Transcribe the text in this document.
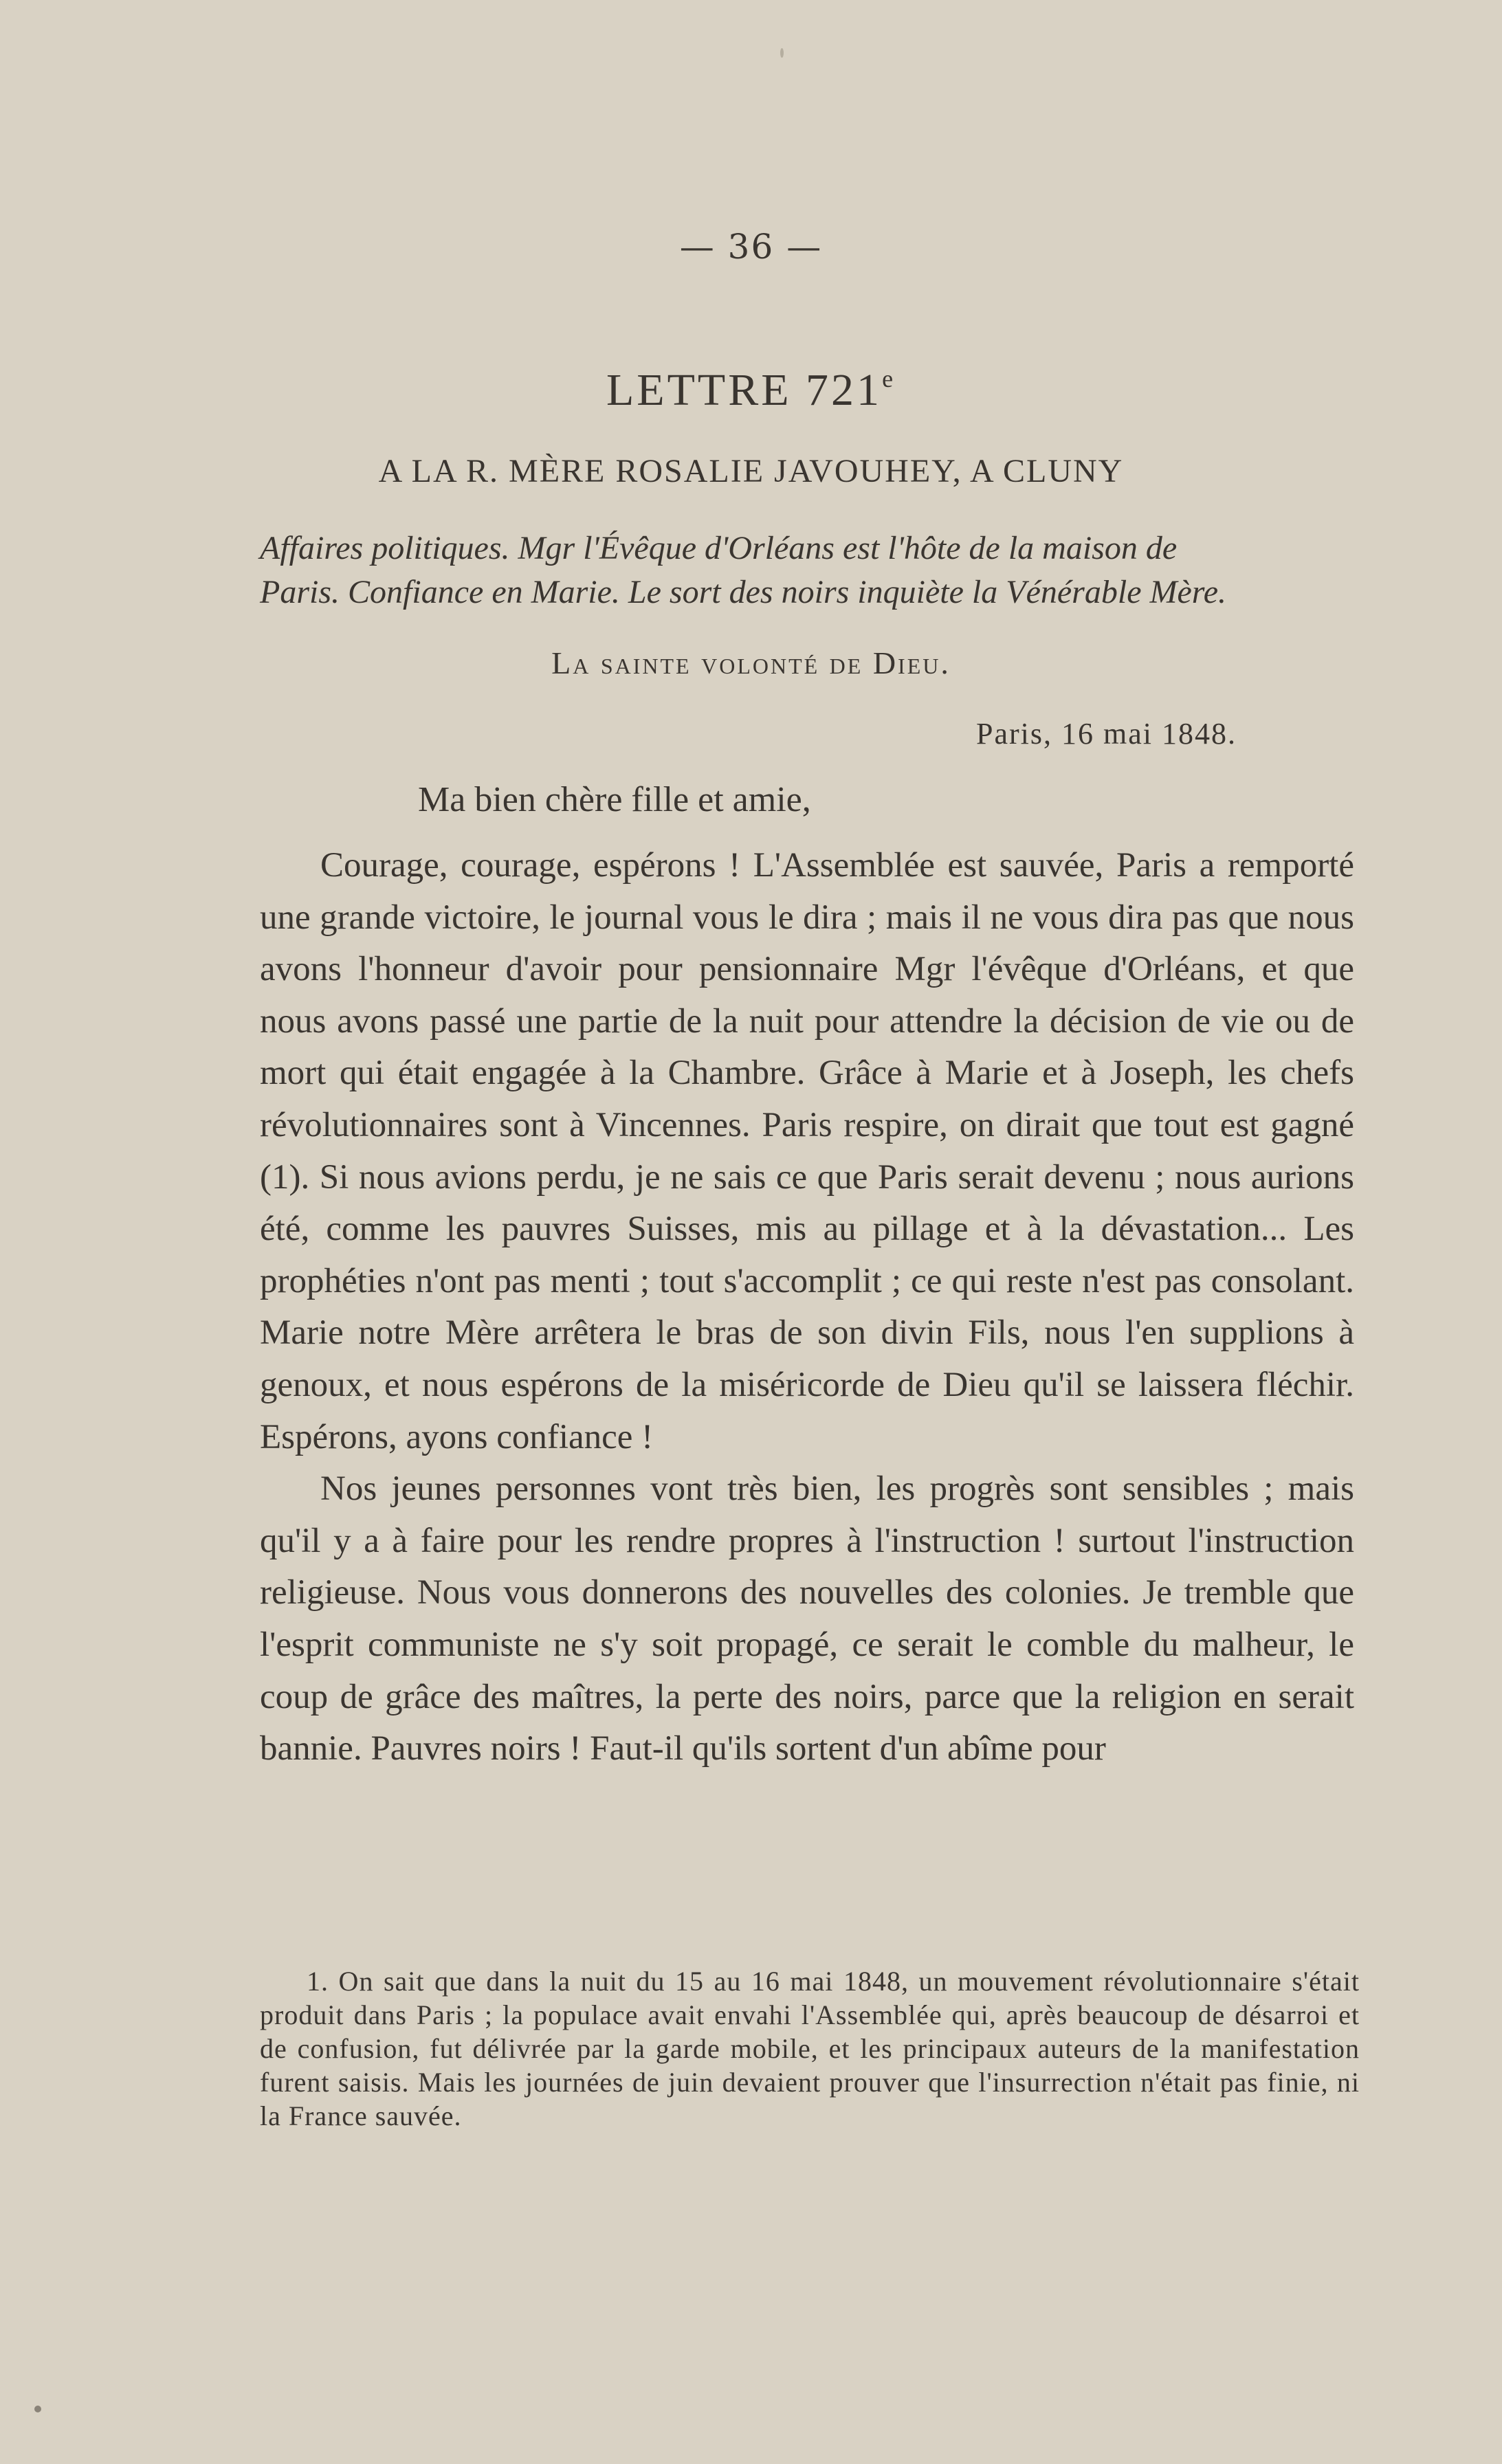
— 36 —
LETTRE 721e
A LA R. MÈRE ROSALIE JAVOUHEY, A CLUNY
Affaires politiques. Mgr l'Évêque d'Orléans est l'hôte de la maison de
Paris. Confiance en Marie. Le sort des noirs inquiète la Vénérable Mère.
La sainte volonté de Dieu.
Paris, 16 mai 1848.
Ma bien chère fille et amie,

Courage, courage, espérons ! L'Assemblée est sauvée, Paris a remporté une grande victoire, le journal vous le dira ; mais il ne vous dira pas que nous avons l'honneur d'avoir pour pensionnaire Mgr l'évêque d'Orléans, et que nous avons passé une partie de la nuit pour attendre la décision de vie ou de mort qui était engagée à la Chambre. Grâce à Marie et à Joseph, les chefs révolutionnaires sont à Vincennes. Paris respire, on dirait que tout est gagné (1). Si nous avions perdu, je ne sais ce que Paris serait devenu ; nous aurions été, comme les pauvres Suisses, mis au pillage et à la dévastation... Les prophéties n'ont pas menti ; tout s'accomplit ; ce qui reste n'est pas consolant. Marie notre Mère arrêtera le bras de son divin Fils, nous l'en supplions à genoux, et nous espérons de la miséricorde de Dieu qu'il se laissera fléchir. Espérons, ayons confiance !

Nos jeunes personnes vont très bien, les progrès sont sensibles ; mais qu'il y a à faire pour les rendre propres à l'instruction ! surtout l'instruction religieuse. Nous vous donnerons des nouvelles des colonies. Je tremble que l'esprit communiste ne s'y soit propagé, ce serait le comble du malheur, le coup de grâce des maîtres, la perte des noirs, parce que la religion en serait bannie. Pauvres noirs ! Faut-il qu'ils sortent d'un abîme pour

1. On sait que dans la nuit du 15 au 16 mai 1848, un mouvement révolutionnaire s'était produit dans Paris ; la populace avait envahi l'Assemblée qui, après beaucoup de désarroi et de confusion, fut délivrée par la garde mobile, et les principaux auteurs de la manifestation furent saisis. Mais les journées de juin devaient prouver que l'insurrection n'était pas finie, ni la France sauvée.
